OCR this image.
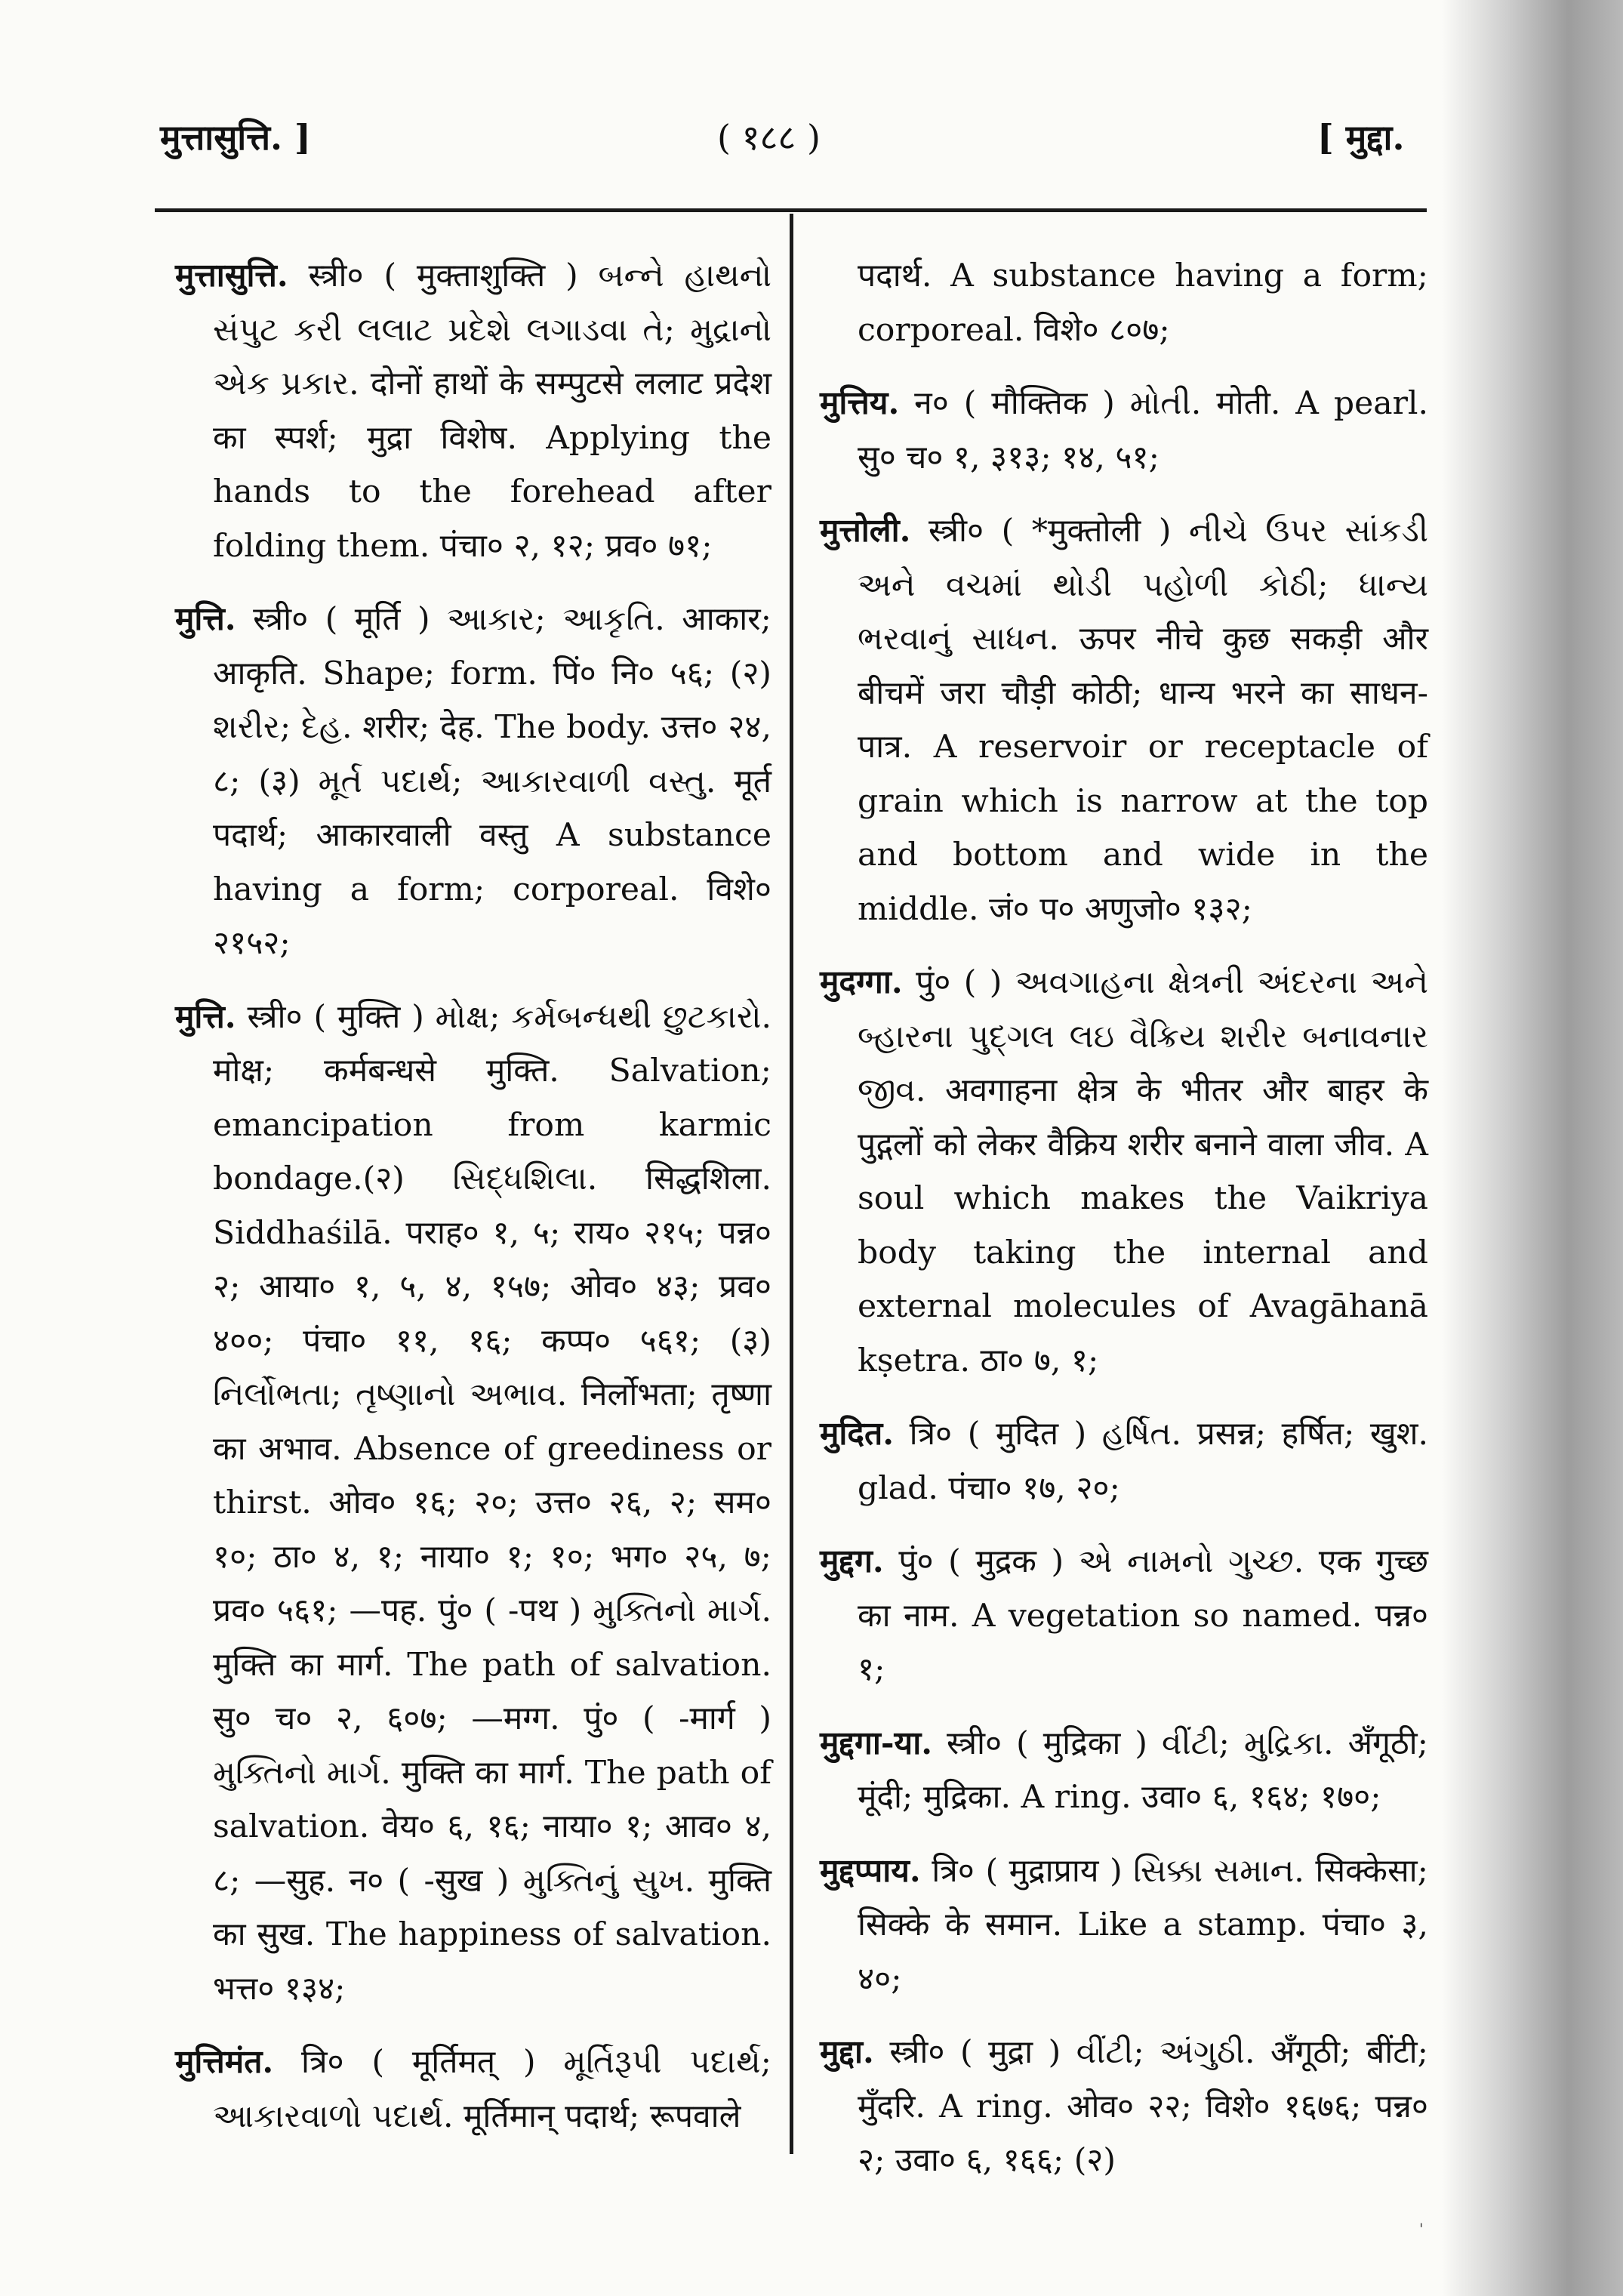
मुत्तासुत्ति. ]	( १८८ )	[ मुद्दा.

मुत्तासुत्ति. स्त्री० ( मुक्ताशुक्ति ) બન્ને હાથનો સંપુટ કરી લલાટ પ્રદેશે લગાડવા તે; મુદ્રાનો એક પ્રકાર. दोनों हाथों के सम्पुटसे ललाट प्रदेश का स्पर्श; मुद्रा विशेष. Applying the hands to the forehead after folding them. पंचा० २, १२; प्रव० ७१;

मुत्ति. स्त्री० ( मूर्ति ) આકાર; આકૃતિ. आकार; आकृति. Shape; form. पिं० नि० ५६; (२) શરીર; દેહ. शरीर; देह. The body. उत्त० २४, ८; (३) મૂર્ત પદાર્થ; આકારવાળી વસ્તુ. मूर्त पदार्थ; आकारवाली वस्तु A substance having a form; corporeal. विशे० २१५२;

मुत्ति. स्त्री० ( मुक्ति ) મોક્ષ; કર્મબન્ધથી છુટકારો. मोक्ष; कर्मबन्धसे मुक्ति. Salvation; emancipation from karmic bondage.(२) સિદ્ધશિલા. सिद्धशिला. Siddhaśilā. पराह० १, ५; राय० २१५; पन्न० २; आया० १, ५, ४, १५७; ओव० ४३; प्रव० ४००; पंचा० ११, १६; कप्प० ५६१; (३) નિર્લોભતા; તૃષ્ણાનો અભાવ. निर्लोभता; तृष्णा का अभाव. Absence of greediness or thirst. ओव० १६; २०; उत्त० २६, २; सम० १०; ठा० ४, १; नाया० १; १०; भग० २५, ७; प्रव० ५६१; —पह. पुं० ( -पथ ) મુક્તિનો માર્ગ. मुक्ति का मार्ग. The path of salvation. सु० च० २, ६०७; —मग्ग. पुं० ( -मार्ग ) મુક્તિનો માર્ગ. मुक्ति का मार्ग. The path of salvation. वेय० ६, १६; नाया० १; आव० ४, ८; —सुह. न० ( -सुख ) મુક્તિનું સુખ. मुक्ति का सुख. The happiness of salvation. भत्त० १३४;

मुत्तिमंत. त्रि० ( मूर्तिमत् ) મૂર્તિરૂપી પદાર્થ; આકારવાળો પદાર્થ. मूर्तिमान् पदार्थ; रूपवाले

पदार्थ. A substance having a form; corporeal. विशे० ८०७;

मुत्तिय. न० ( मौक्तिक ) મોતી. मोती. A pearl. सु० च० १, ३१३; १४, ५१;

मुत्तोली. स्त्री० ( *मुक्तोली ) નીચે ઉપર સાંકડી અને વચમાં થોડી પહોળી કોઠી; ધાન્ય ભરવાનું સાધન. ऊपर नीचे कुछ सकड़ी और बीचमें जरा चौड़ी कोठी; धान्य भरने का साधन-पात्र. A reservoir or receptacle of grain which is narrow at the top and bottom and wide in the middle. जं० प० अणुजो० १३२;

मुदग्गा. पुं० ( ) અવગાહના ક્ષેત્રની અંદરના અને બ્હારના પુદ્ગલ લઇ વૈક્રિય શરીર બનાવનાર જીવ. अवगाहना क्षेत्र के भीतर और बाहर के पुद्गलों को लेकर वैक्रिय शरीर बनाने वाला जीव. A soul which makes the Vaikriya body taking the internal and external molecules of Avagāhanā kṣetra. ठा० ७, १;

मुदित. त्रि० ( मुदित ) હર્ષિત. प्रसन्न; हर्षित; खुश. glad. पंचा० १७, २०;

मुद्दग. पुं० ( मुद्रक ) એ નામનો ગુચ્છ. एक गुच्छ का नाम. A vegetation so named. पन्न० १;

मुद्दगा-या. स्त्री० ( मुद्रिका ) વીંટી; મુદ્રિકા. अँगूठी; मूंदी; मुद्रिका. A ring. उवा० ६, १६४; १७०;

मुद्दप्पाय. त्रि० ( मुद्राप्राय ) સિક્કા સમાન. सिक्केसा; सिक्के के समान. Like a stamp. पंचा० ३, ४०;

मुद्दा. स्त्री० ( मुद्रा ) વીંટી; અંગુઠી. अँगूठी; बींटी; मुँदरि. A ring. ओव० २२; विशे० १६७६; पन्न० २; उवा० ६, १६६; (२)

'
